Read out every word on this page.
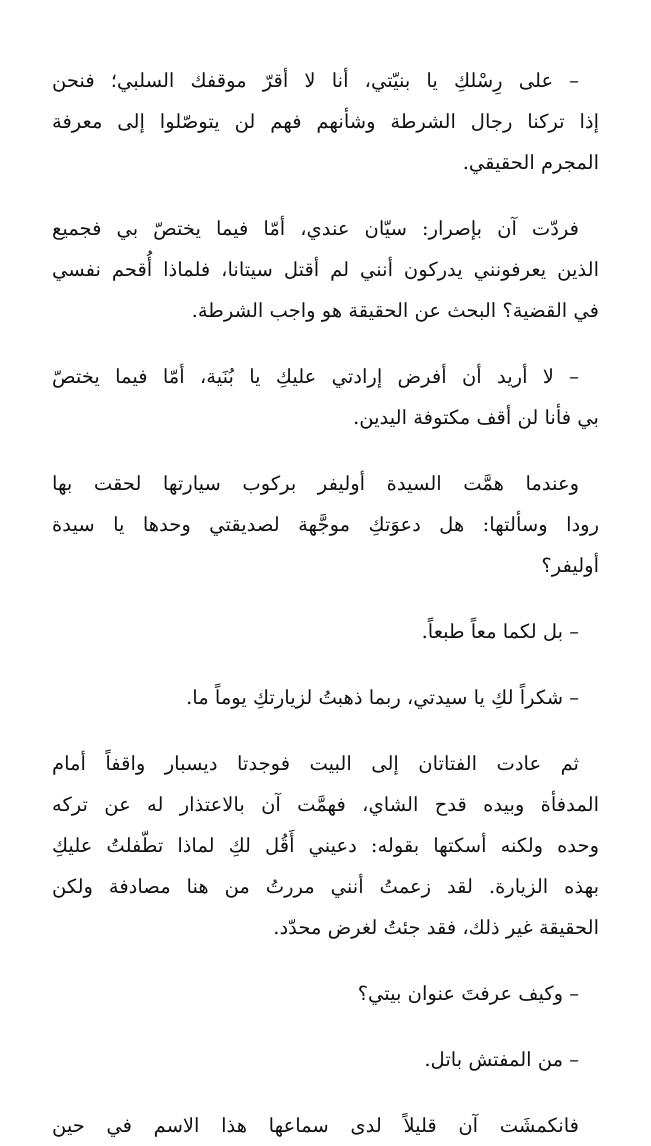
– على رِسْلكِ يا بنيّتي، أنا لا أقرّ موقفك السلبي؛ فنحن
إذا تركنا رجال الشرطة وشأنهم فهم لن يتوصّلوا إلى معرفة
المجرم الحقيقي.
فردّت آن بإصرار: سيّان عندي، أمّا فيما يختصّ بي فجميع
الذين يعرفونني يدركون أنني لم أقتل سيتانا، فلماذا أُقحم نفسي
في القضية؟ البحث عن الحقيقة هو واجب الشرطة.
– لا أريد أن أفرض إرادتي عليكِ يا بُنَية، أمّا فيما يختصّ
بي فأنا لن أقف مكتوفة اليدين.
وعندما همَّت السيدة أوليفر بركوب سيارتها لحقت بها
رودا وسألتها: هل دعوَتكِ موجَّهة لصديقتي وحدها يا سيدة
أوليفر؟
– بل لكما معاً طبعاً.
– شكراً لكِ يا سيدتي، ربما ذهبتُ لزيارتكِ يوماً ما.
ثم عادت الفتاتان إلى البيت فوجدتا ديسبار واقفاً أمام
المدفأة وبيده قدح الشاي، فهمَّت آن بالاعتذار له عن تركه
وحده ولكنه أسكتها بقوله: دعيني أَقُل لكِ لماذا تطّفلتُ عليكِ
بهذه الزيارة. لقد زعمتُ أنني مررتُ من هنا مصادفة ولكن
الحقيقة غير ذلك، فقد جئتُ لغرض محدّد.
– وكيف عرفتَ عنوان بيتي؟
– من المفتش باتل.
فانكمشَت آن قليلاً لدى سماعها هذا الاسم في حين
